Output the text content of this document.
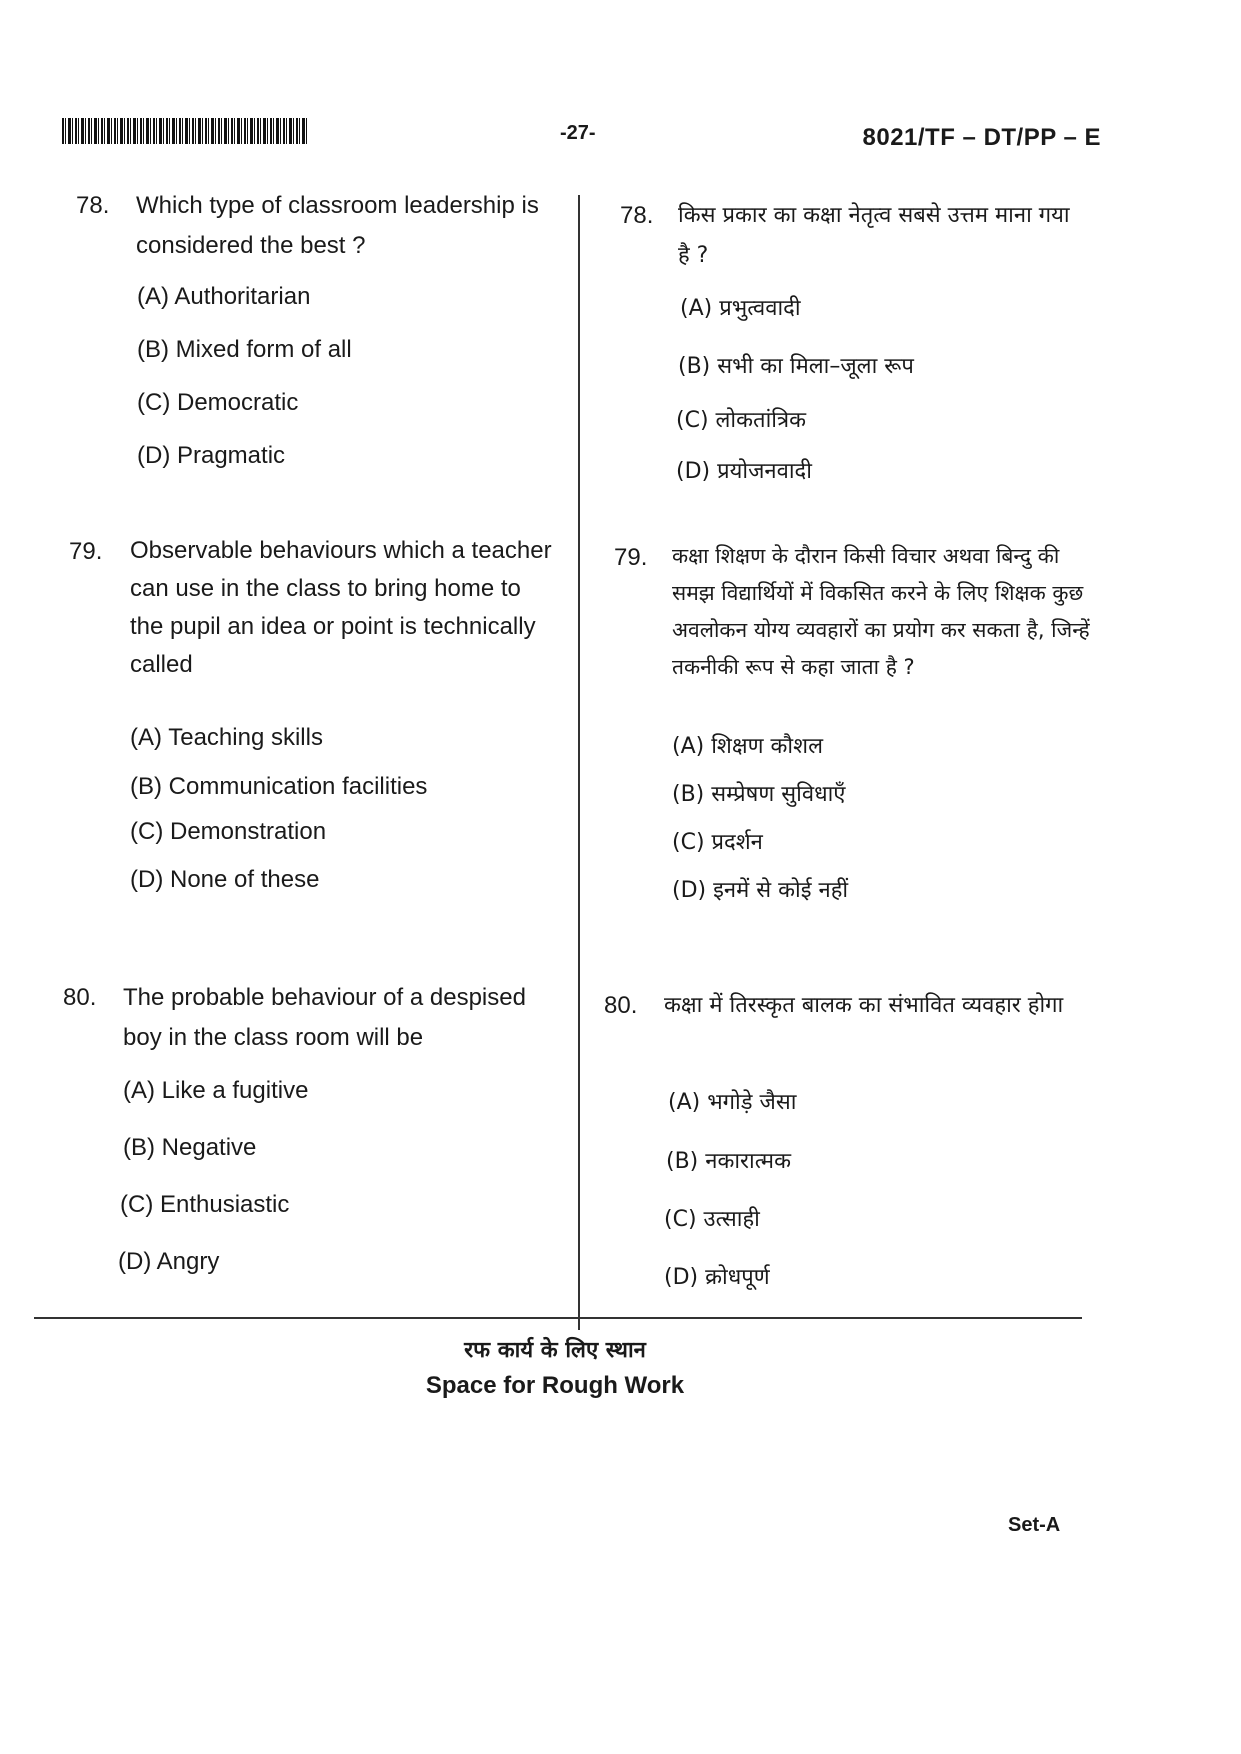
-27-	8021/TF – DT/PP – E
78. Which type of classroom leadership is considered the best ?
(A) Authoritarian
(B) Mixed form of all
(C) Democratic
(D) Pragmatic
79. Observable behaviours which a teacher can use in the class to bring home to the pupil an idea or point is technically called
(A) Teaching skills
(B) Communication facilities
(C) Demonstration
(D) None of these
80. The probable behaviour of a despised boy in the class room will be
(A) Like a fugitive
(B) Negative
(C) Enthusiastic
(D) Angry
78. किस प्रकार का कक्षा नेतृत्व सबसे उत्तम माना गया है ?
(A) प्रभुत्ववादी
(B) सभी का मिला–जूला रूप
(C) लोकतांत्रिक
(D) प्रयोजनवादी
79. कक्षा शिक्षण के दौरान किसी विचार अथवा बिन्दु की समझ विद्यार्थियों में विकसित करने के लिए शिक्षक कुछ अवलोकन योग्य व्यवहारों का प्रयोग कर सकता है, जिन्हें तकनीकी रूप से कहा जाता है ?
(A) शिक्षण कौशल
(B) सम्प्रेषण सुविधाएँ
(C) प्रदर्शन
(D) इनमें से कोई नहीं
80. कक्षा में तिरस्कृत बालक का संभावित व्यवहार होगा
(A) भगोड़े जैसा
(B) नकारात्मक
(C) उत्साही
(D) क्रोधपूर्ण
रफ कार्य के लिए स्थान
Space for Rough Work
Set-A
